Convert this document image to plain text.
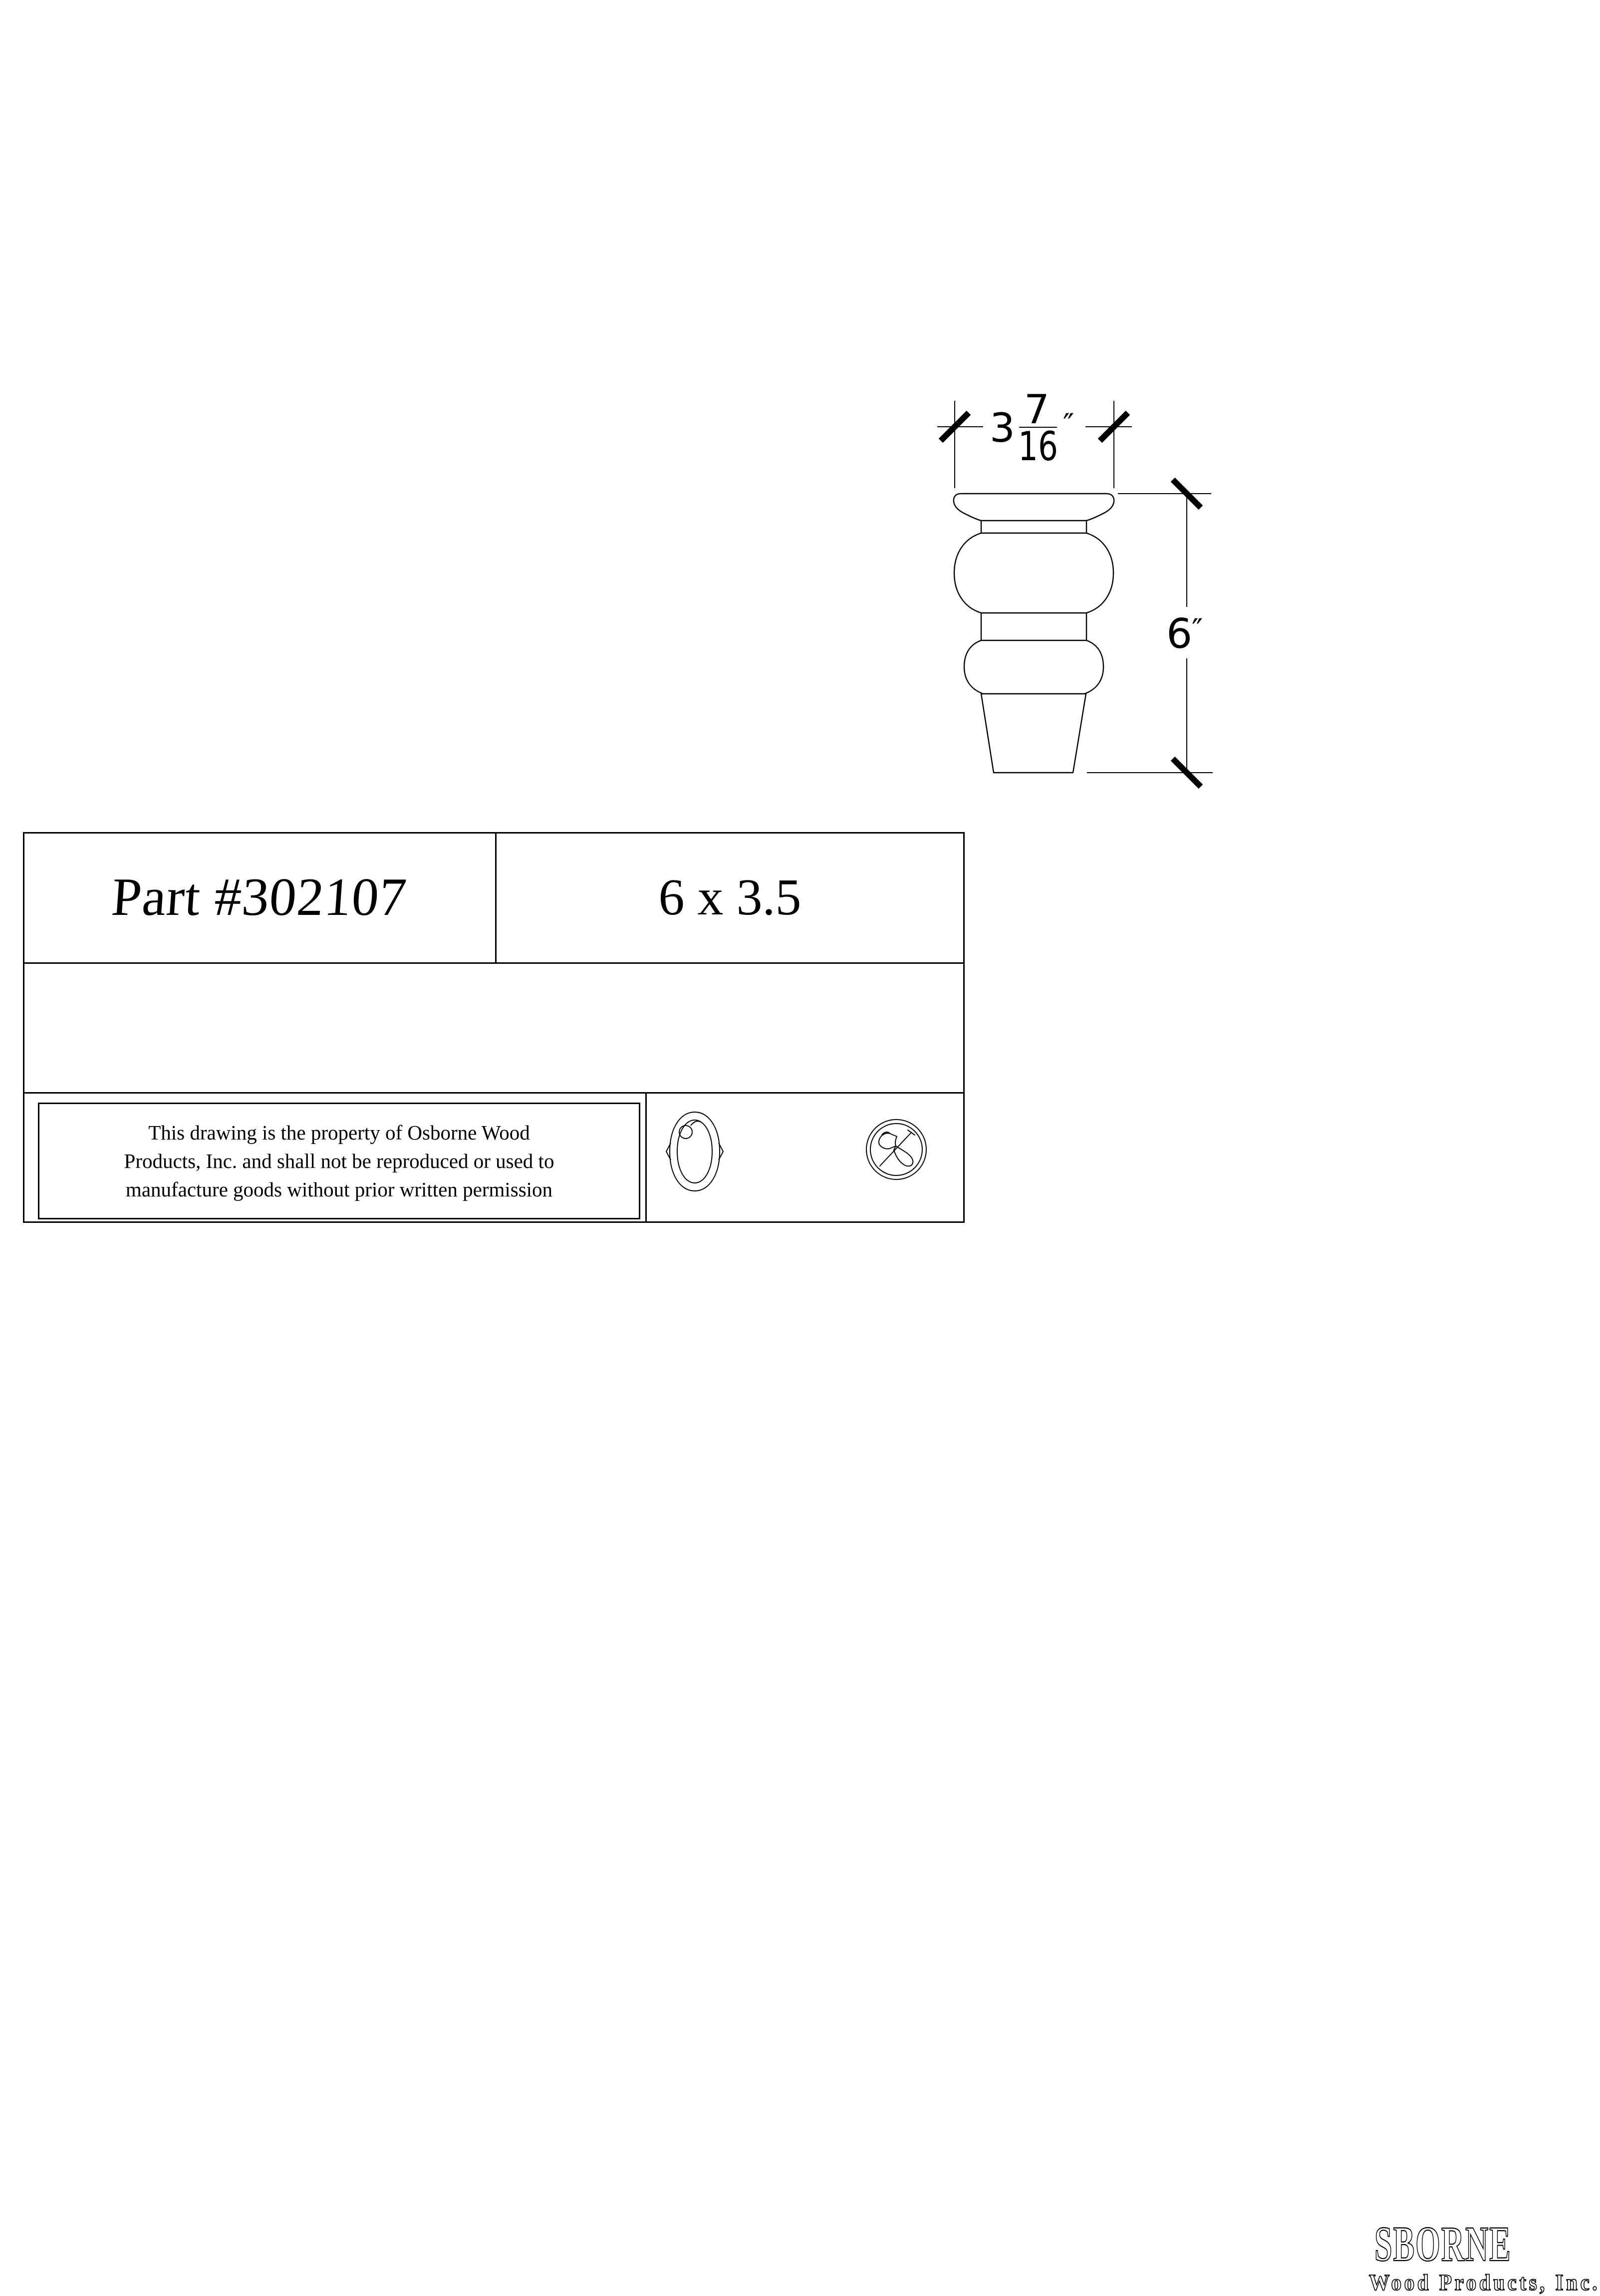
3 7
16 ″
6
″
Part #302107	6 x 3.5
This drawing is the property of Osborne Wood
Products, Inc. and shall not be reproduced or used to
manufacture goods without prior written permission
SBORNE
Wood Products, Inc.
